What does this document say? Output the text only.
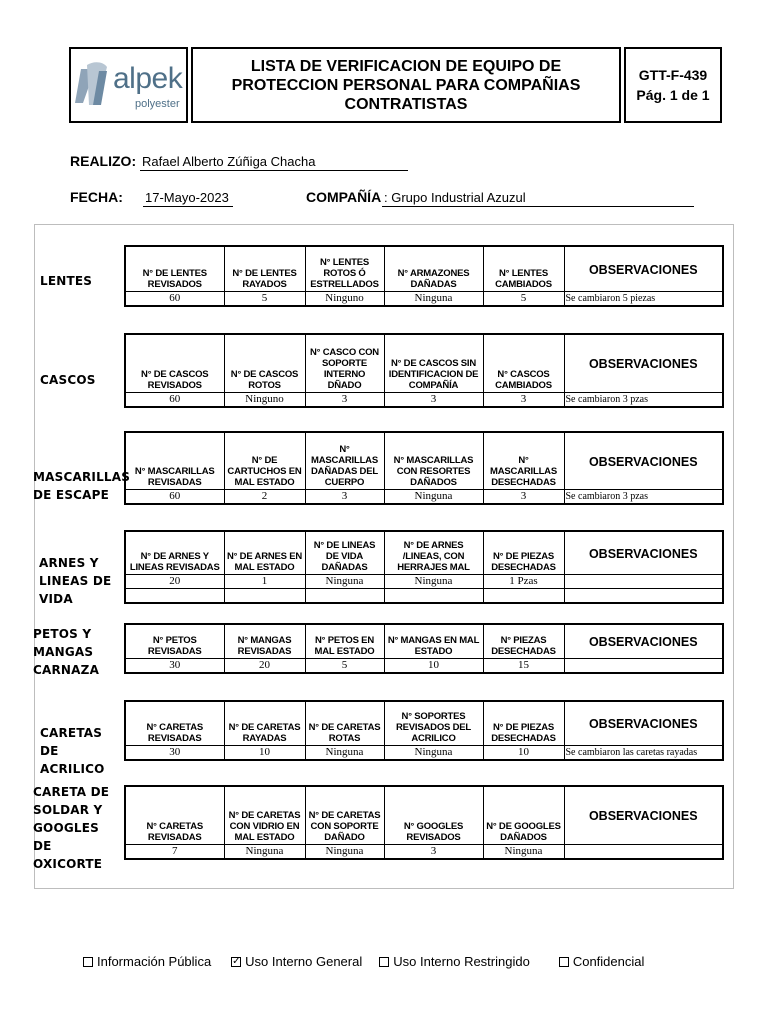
alpek
polyester
LISTA DE VERIFICACION DE EQUIPO DE PROTECCION PERSONAL PARA COMPAÑIAS CONTRATISTAS
GTT-F-439
Pág. 1 de 1
REALIZO: Rafael Alberto Zúñiga Chacha
FECHA: 17-Mayo-2023	COMPAÑÍA : Grupo Industrial Azuzul
LENTES
N° DE LENTES REVISADOS	N° DE LENTES RAYADOS	N° LENTES ROTOS Ó ESTRELLADOS	N° ARMAZONES DAÑADAS	N° LENTES CAMBIADOS	OBSERVACIONES
60	5	Ninguno	Ninguna	5	Se cambiaron 5 piezas
CASCOS	N° DE CASCOS REVISADOS	N° DE CASCOS ROTOS	N° CASCO CON SOPORTE INTERNO DÑADO	N° DE CASCOS SIN IDENTIFICACION DE COMPAÑÍA	N° CASCOS CAMBIADOS	OBSERVACIONES
60	Ninguno	3	3	3	Se cambiaron 3 pzas
MASCARILLAS DE ESCAPE
N° MASCARILLAS REVISADAS	N° DE CARTUCHOS EN MAL ESTADO	N° MASCARILLAS DAÑADAS DEL CUERPO	N° MASCARILLAS CON RESORTES DAÑADOS	N° MASCARILLAS DESECHADAS	OBSERVACIONES
60	2	3	Ninguna	3	Se cambiaron 3 pzas
ARNES Y LINEAS DE VIDA
N° DE ARNES Y LINEAS REVISADAS	N° DE ARNES EN MAL ESTADO	N° DE LINEAS DE VIDA DAÑADAS	N° DE ARNES /LINEAS, CON HERRAJES MAL	N° DE PIEZAS DESECHADAS	OBSERVACIONES
20	1	Ninguna	Ninguna	1 Pzas	

PETOS Y MANGAS CARNAZA
N° PETOS REVISADAS	N° MANGAS REVISADAS	N° PETOS EN MAL ESTADO	N° MANGAS EN MAL ESTADO	N° PIEZAS DESECHADAS	OBSERVACIONES
30	20	5	10	15	
CARETAS DE ACRILICO
N° CARETAS REVISADAS	N° DE CARETAS RAYADAS	N° DE CARETAS ROTAS	N° SOPORTES REVISADOS DEL ACRILICO	N° DE PIEZAS DESECHADAS	OBSERVACIONES
30	10	Ninguna	Ninguna	10	Se cambiaron las caretas rayadas
CARETA DE SOLDAR Y GOOGLES DE OXICORTE
N° CARETAS REVISADAS	N° DE CARETAS CON VIDRIO EN MAL ESTADO	N° DE CARETAS CON SOPORTE DAÑADO	N° GOOGLES REVISADOS	N° DE GOOGLES DAÑADOS	OBSERVACIONES
7	Ninguna	Ninguna	3	Ninguna	
Información Pública ✓ Uso Interno General Uso Interno Restringido	Confidencial
